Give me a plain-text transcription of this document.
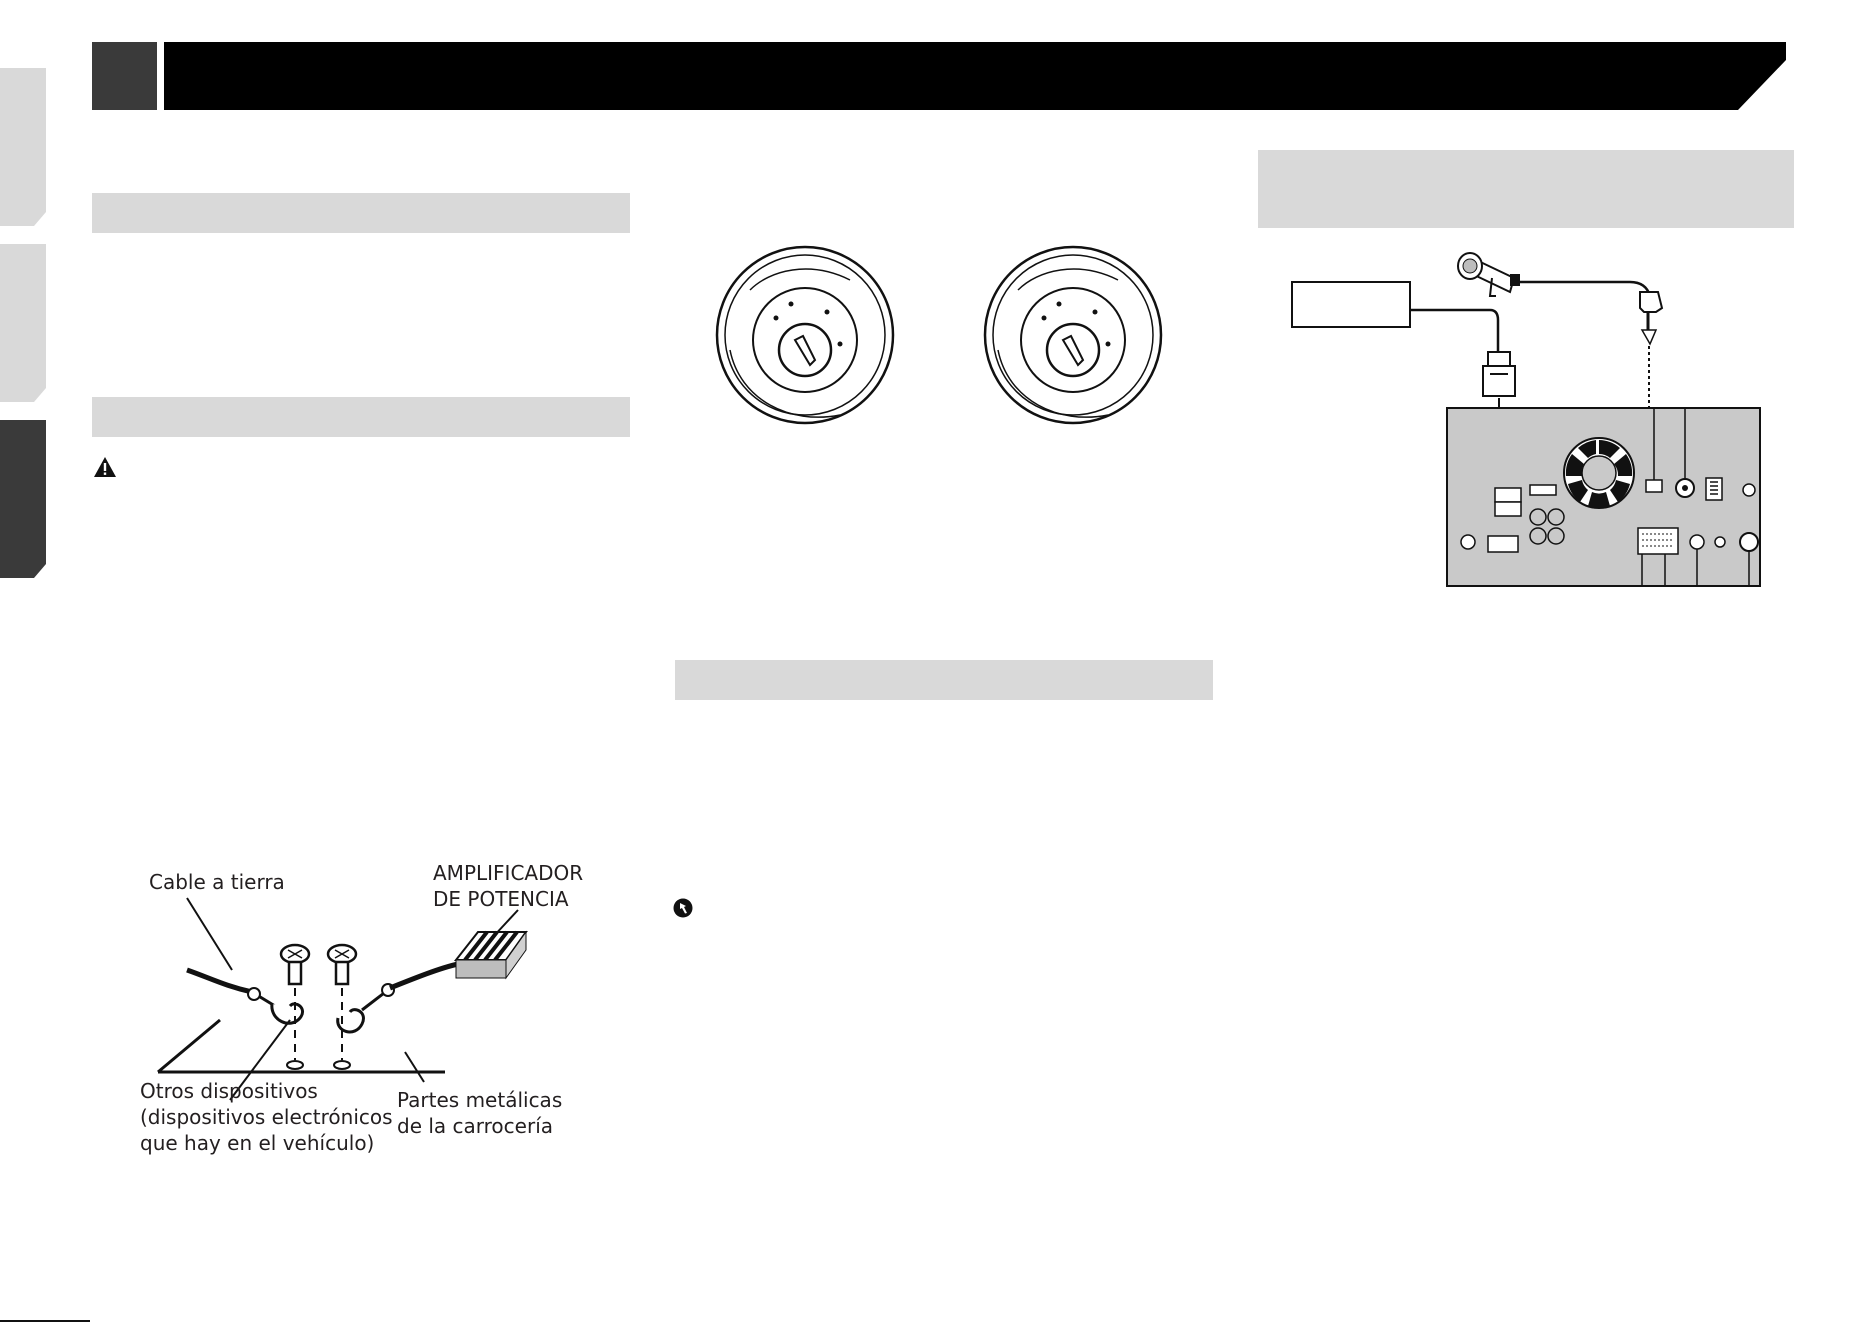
Cable a tierra	AMPLIFICADOR
DE POTENCIA
Otros dispositivos
(dispositivos electrónicos
que hay en el vehículo)
Partes metálicas
de la carrocería
